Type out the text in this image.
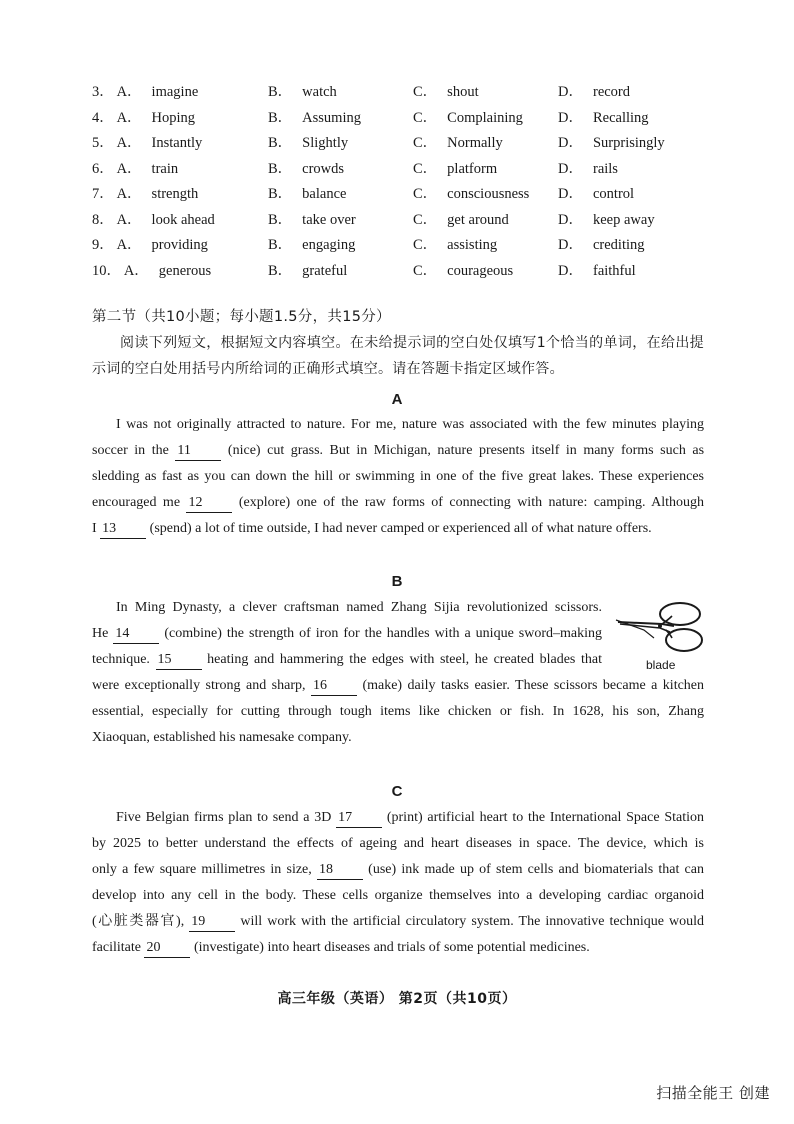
3． A． imagine	B． watch	C． shout	D． record
4． A． Hoping	B． Assuming	C． Complaining D． Recalling
5． A． Instantly	B． Slightly	C． Normally	D． Surprisingly
6． A． train	B． crowds	C． platform	D． rails
7． A． strength	B． balance	C． consciousness D． control
8． A． look ahead	B． take over	C． get around	D． keep away
9． A． providing	B． engaging	C． assisting	D． crediting
10． A． generous	B． grateful	C． courageous	D． faithful
第二节（共10小题；每小题1.5分，共15分）
阅读下列短文，根据短文内容填空。在未给提示词的空白处仅填写1个恰当的单词，在给出提示词的空白处用括号内所给词的正确形式填空。请在答题卡指定区域作答。
A
I was not originally attracted to nature. For me, nature was associated with the few minutes playing
soccer in the 11	(nice) cut grass. But in Michigan, nature presents itself in many forms such as
sledding as fast as you can down the hill or swimming in one of the five great lakes. These experiences
encouraged me 12	(explore) one of the raw forms of connecting with nature: camping. Although
I 13 (spend) a lot of time outside, I had never camped or experienced all of what nature offers.
B
In Ming Dynasty, a clever craftsman named Zhang Sijia revolutionized scissors.
He 14	(combine) the strength of iron for the handles with a unique sword–making
technique. 15	heating and hammering the edges with steel, he created blades that
were exceptionally strong and sharp, 16	(make) daily tasks easier. These scissors became a kitchen
essential, especially for cutting through tough items like chicken or fish. In 1628, his son, Zhang
Xiaoquan, established his namesake company.
blade
C
Five Belgian firms plan to send a 3D 17 (print) artificial heart to the International Space Station
by 2025 to better understand the effects of ageing and heart diseases in space. The device, which is
only a few square millimetres in size, 18	(use) ink made up of stem cells and biomaterials that can
develop into any cell in the body. These cells organize themselves into a developing cardiac organoid
(心脏类器官), 19	will work with the artificial circulatory system. The innovative technique would
facilitate 20 (investigate) into heart diseases and trials of some potential medicines.
高三年级（英语） 第2页（共10页）
扫描全能王 创建
